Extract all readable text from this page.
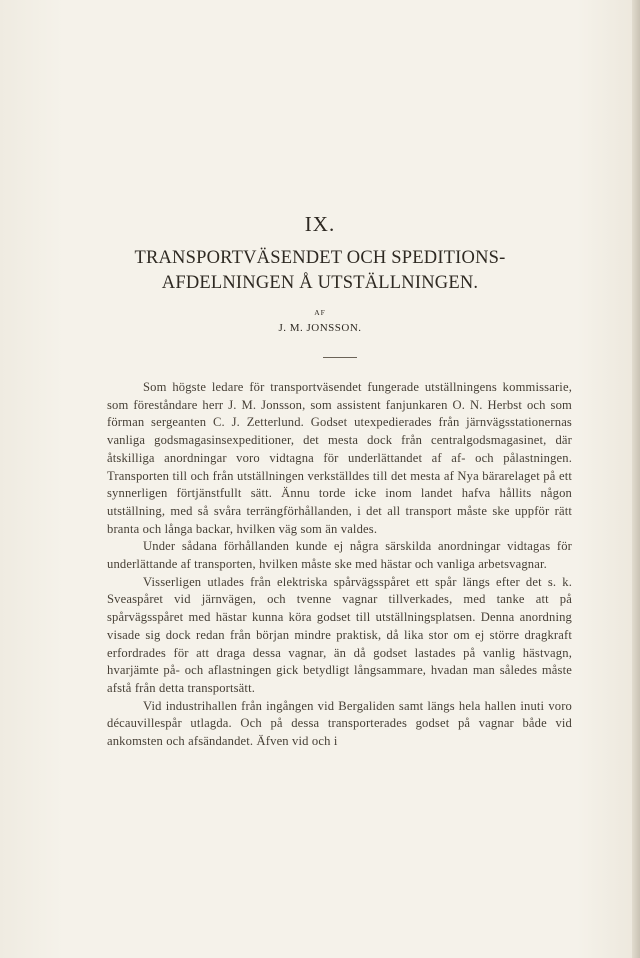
IX.
TRANSPORTVÄSENDET OCH SPEDITIONS-AFDELNINGEN Å UTSTÄLLNINGEN.
AF
J. M. JONSSON.

Som högste ledare för transportväsendet fungerade utställningens kommissarie, som föreståndare herr J. M. Jonsson, som assistent fanjunkaren O. N. Herbst och som förman sergeanten C. J. Zetterlund. Godset utexpedierades från järnvägsstationernas vanliga godsmagasinsexpeditioner, det mesta dock från centralgodsmagasinet, där åtskilliga anordningar voro vidtagna för underlättandet af af- och pålastningen. Transporten till och från utställningen verkställdes till det mesta af Nya bärarelaget på ett synnerligen förtjänstfullt sätt. Ännu torde icke inom landet hafva hållits någon utställning, med så svåra terrängförhållanden, i det all transport måste ske uppför rätt branta och långa backar, hvilken väg som än valdes.

Under sådana förhållanden kunde ej några särskilda anordningar vidtagas för underlättande af transporten, hvilken måste ske med hästar och vanliga arbetsvagnar.

Visserligen utlades från elektriska spårvägsspåret ett spår längs efter det s. k. Sveaspåret vid järnvägen, och tvenne vagnar tillverkades, med tanke att på spårvägsspåret med hästar kunna köra godset till utställningsplatsen. Denna anordning visade sig dock redan från början mindre praktisk, då lika stor om ej större dragkraft erfordrades för att draga dessa vagnar, än då godset lastades på vanlig hästvagn, hvarjämte på- och aflastningen gick betydligt långsammare, hvadan man således måste afstå från detta transportsätt.

Vid industrihallen från ingången vid Bergaliden samt längs hela hallen inuti voro décauvillespår utlagda. Och på dessa transporterades godset på vagnar både vid ankomsten och afsändandet. Äfven vid och i
